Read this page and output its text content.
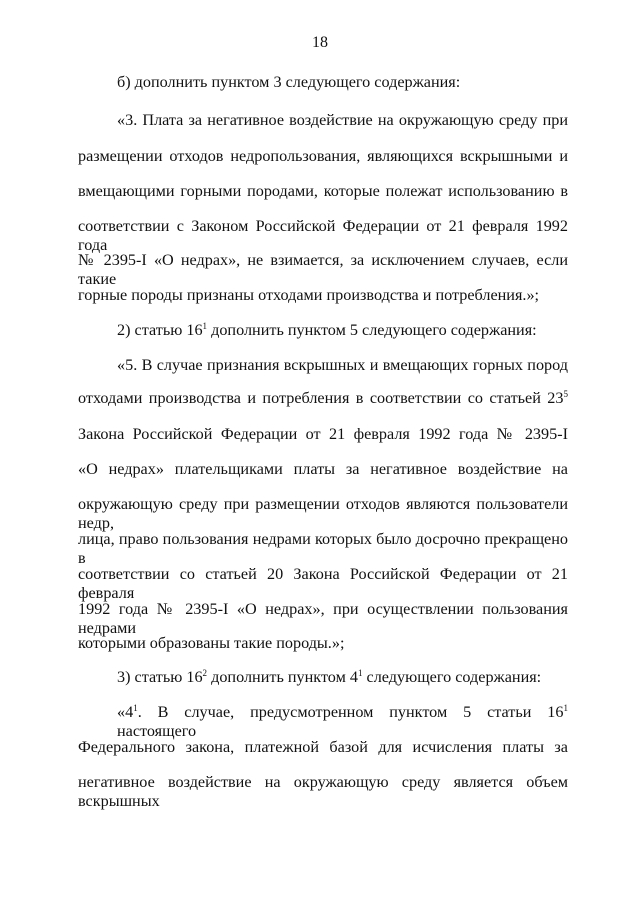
18
б) дополнить пунктом 3 следующего содержания:
«3. Плата за негативное воздействие на окружающую среду при
размещении отходов недропользования, являющихся вскрышными и
вмещающими горными породами, которые полежат использованию в
соответствии с Законом Российской Федерации от 21 февраля 1992 года
№ 2395-I «О недрах», не взимается, за исключением случаев, если такие
горные породы признаны отходами производства и потребления.»;
2) статью $16^1$ дополнить пунктом 5 следующего содержания:
«5. В случае признания вскрышных и вмещающих горных пород
отходами производства и потребления в соответствии со статьей $23^5$
Закона Российской Федерации от 21 февраля 1992 года № 2395-I
«О недрах» плательщиками платы за негативное воздействие на
окружающую среду при размещении отходов являются пользователи недр,
лица, право пользования недрами которых было досрочно прекращено в
соответствии со статьей 20 Закона Российской Федерации от 21 февраля
1992 года № 2395-I «О недрах», при осуществлении пользования недрами
которыми образованы такие породы.»;
3) статью $16^2$ дополнить пунктом $4^1$ следующего содержания:
«$4^1$. В случае, предусмотренном пунктом 5 статьи $16^1$ настоящего
Федерального закона, платежной базой для исчисления платы за
негативное воздействие на окружающую среду является объем вскрышных
